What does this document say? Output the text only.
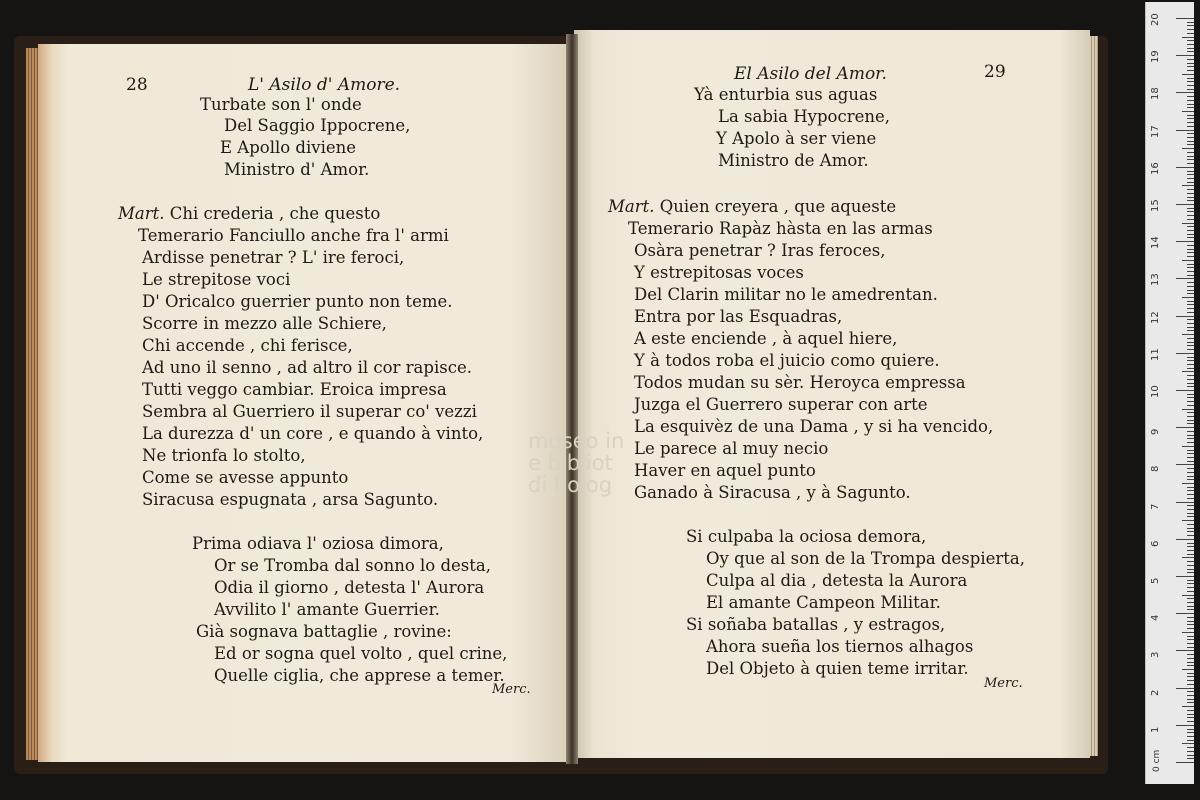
28	L' Asilo d' Amore.
Turbate son l' onde
Del Saggio Ippocrene,
E Apollo diviene
Ministro d' Amor.
Mart. Chi crederia , che questo
Temerario Fanciullo anche fra l' armi
Ardisse penetrar ? L' ire feroci,
Le strepitose voci
D' Oricalco guerrier punto non teme.
Scorre in mezzo alle Schiere,
Chi accende , chi ferisce,
Ad uno il senno , ad altro il cor rapisce.
Tutti veggo cambiar. Eroica impresa
Sembra al Guerriero il superar co' vezzi
La durezza d' un core , e quando à vinto,
Ne trionfa lo stolto,
Come se avesse appunto
Siracusa espugnata , arsa Sagunto.
Prima odiava l' oziosa dimora,
Or se Tromba dal sonno lo desta,
Odia il giorno , detesta l' Aurora
Avvilito l' amante Guerrier.
Già sognava battaglie , rovine:
Ed or sogna quel volto , quel crine,
Quelle ciglia, che apprese a temer.
Merc.
El Asilo del Amor.	29
Yà enturbia sus aguas
La sabia Hypocrene,
Y Apolo à ser viene
Ministro de Amor.
Mart. Quien creyera , que aqueste
Temerario Rapàz hàsta en las armas
Osàra penetrar ? Iras feroces,
Y estrepitosas voces
Del Clarin militar no le amedrentan.
Entra por las Esquadras,
A este enciende , à aquel hiere,
Y à todos roba el juicio como quiere.
Todos mudan su sèr. Heroyca empressa
Juzga el Guerrero superar con arte
La esquivèz de una Dama , y si ha vencido,
Le parece al muy necio
Haver en aquel punto
Ganado à Siracusa , y à Sagunto.
Si culpaba la ociosa demora,
Oy que al son de la Trompa despierta,
Culpa al dia , detesta la Aurora
El amante Campeon Militar.
Si soñaba batallas , y estragos,
Ahora sueña los tiernos alhagos
Del Objeto à quien teme irritar.
Merc.
museo in
e bibliot
di bolog
1
2
3
4
5
6
7
8
9
10
11
12
13
14
15
16
17
18
19
20
0 cm
